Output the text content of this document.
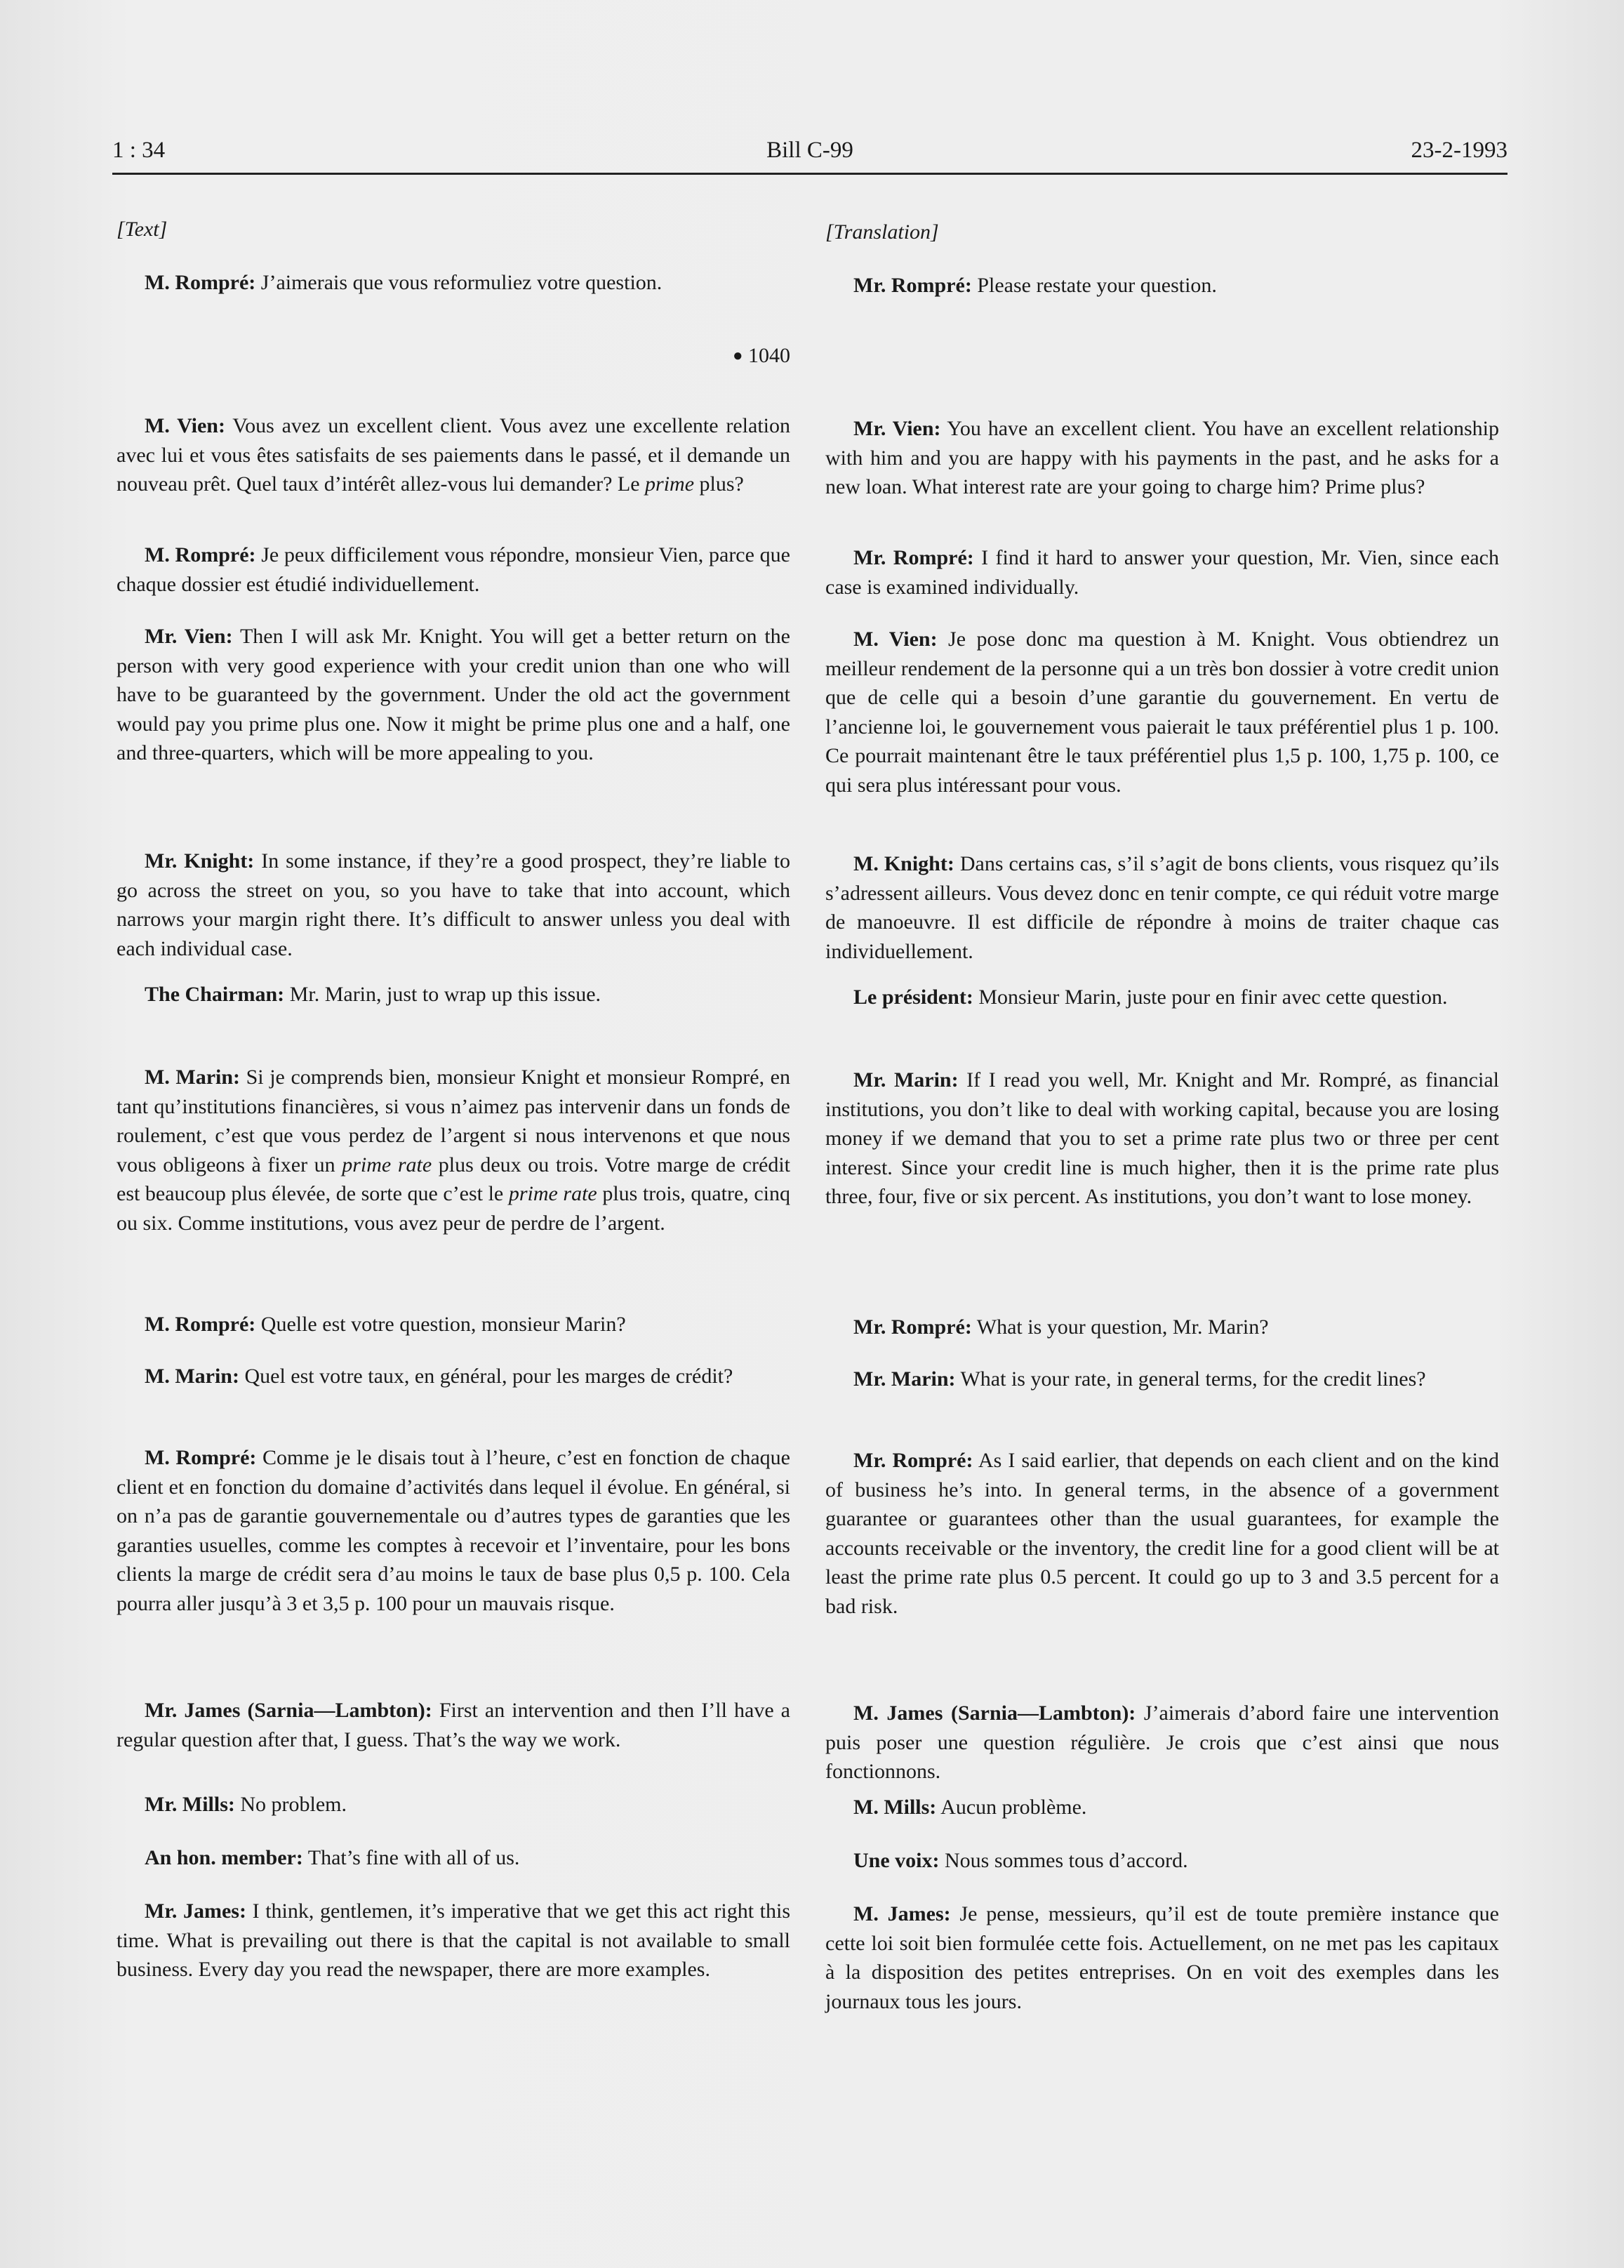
1 : 34	Bill C-99	23-2-1993

[Text]

M. Rompré: J’aimerais que vous reformuliez votre question.

● 1040

M. Vien: Vous avez un excellent client. Vous avez une excellente relation avec lui et vous êtes satisfaits de ses paiements dans le passé, et il demande un nouveau prêt. Quel taux d’intérêt allez-vous lui demander? Le prime plus?

M. Rompré: Je peux difficilement vous répondre, monsieur Vien, parce que chaque dossier est étudié individuellement.

Mr. Vien: Then I will ask Mr. Knight. You will get a better return on the person with very good experience with your credit union than one who will have to be guaranteed by the government. Under the old act the government would pay you prime plus one. Now it might be prime plus one and a half, one and three-quarters, which will be more appealing to you.

Mr. Knight: In some instance, if they’re a good prospect, they’re liable to go across the street on you, so you have to take that into account, which narrows your margin right there. It’s difficult to answer unless you deal with each individual case.

The Chairman: Mr. Marin, just to wrap up this issue.

M. Marin: Si je comprends bien, monsieur Knight et monsieur Rompré, en tant qu’institutions financières, si vous n’aimez pas intervenir dans un fonds de roulement, c’est que vous perdez de l’argent si nous intervenons et que nous vous obligeons à fixer un prime rate plus deux ou trois. Votre marge de crédit est beaucoup plus élevée, de sorte que c’est le prime rate plus trois, quatre, cinq ou six. Comme institutions, vous avez peur de perdre de l’argent.

M. Rompré: Quelle est votre question, monsieur Marin?

M. Marin: Quel est votre taux, en général, pour les marges de crédit?

M. Rompré: Comme je le disais tout à l’heure, c’est en fonction de chaque client et en fonction du domaine d’activités dans lequel il évolue. En général, si on n’a pas de garantie gouvernementale ou d’autres types de garanties que les garanties usuelles, comme les comptes à recevoir et l’inventaire, pour les bons clients la marge de crédit sera d’au moins le taux de base plus 0,5 p. 100. Cela pourra aller jusqu’à 3 et 3,5 p. 100 pour un mauvais risque.

Mr. James (Sarnia—Lambton): First an intervention and then I’ll have a regular question after that, I guess. That’s the way we work.

Mr. Mills: No problem.

An hon. member: That’s fine with all of us.

Mr. James: I think, gentlemen, it’s imperative that we get this act right this time. What is prevailing out there is that the capital is not available to small business. Every day you read the newspaper, there are more examples.

[Translation]

Mr. Rompré: Please restate your question.

Mr. Vien: You have an excellent client. You have an excellent relationship with him and you are happy with his payments in the past, and he asks for a new loan. What interest rate are your going to charge him? Prime plus?

Mr. Rompré: I find it hard to answer your question, Mr. Vien, since each case is examined individually.

M. Vien: Je pose donc ma question à M. Knight. Vous obtiendrez un meilleur rendement de la personne qui a un très bon dossier à votre credit union que de celle qui a besoin d’une garantie du gouvernement. En vertu de l’ancienne loi, le gouvernement vous paierait le taux préférentiel plus 1 p. 100. Ce pourrait maintenant être le taux préférentiel plus 1,5 p. 100, 1,75 p. 100, ce qui sera plus intéressant pour vous.

M. Knight: Dans certains cas, s’il s’agit de bons clients, vous risquez qu’ils s’adressent ailleurs. Vous devez donc en tenir compte, ce qui réduit votre marge de manoeuvre. Il est difficile de répondre à moins de traiter chaque cas individuellement.

Le président: Monsieur Marin, juste pour en finir avec cette question.

Mr. Marin: If I read you well, Mr. Knight and Mr. Rompré, as financial institutions, you don’t like to deal with working capital, because you are losing money if we demand that you to set a prime rate plus two or three per cent interest. Since your credit line is much higher, then it is the prime rate plus three, four, five or six percent. As institutions, you don’t want to lose money.

Mr. Rompré: What is your question, Mr. Marin?

Mr. Marin: What is your rate, in general terms, for the credit lines?

Mr. Rompré: As I said earlier, that depends on each client and on the kind of business he’s into. In general terms, in the absence of a government guarantee or guarantees other than the usual guarantees, for example the accounts receivable or the inventory, the credit line for a good client will be at least the prime rate plus 0.5 percent. It could go up to 3 and 3.5 percent for a bad risk.

M. James (Sarnia—Lambton): J’aimerais d’abord faire une intervention puis poser une question régulière. Je crois que c’est ainsi que nous fonctionnons.

M. Mills: Aucun problème.

Une voix: Nous sommes tous d’accord.

M. James: Je pense, messieurs, qu’il est de toute première instance que cette loi soit bien formulée cette fois. Actuellement, on ne met pas les capitaux à la disposition des petites entreprises. On en voit des exemples dans les journaux tous les jours.
